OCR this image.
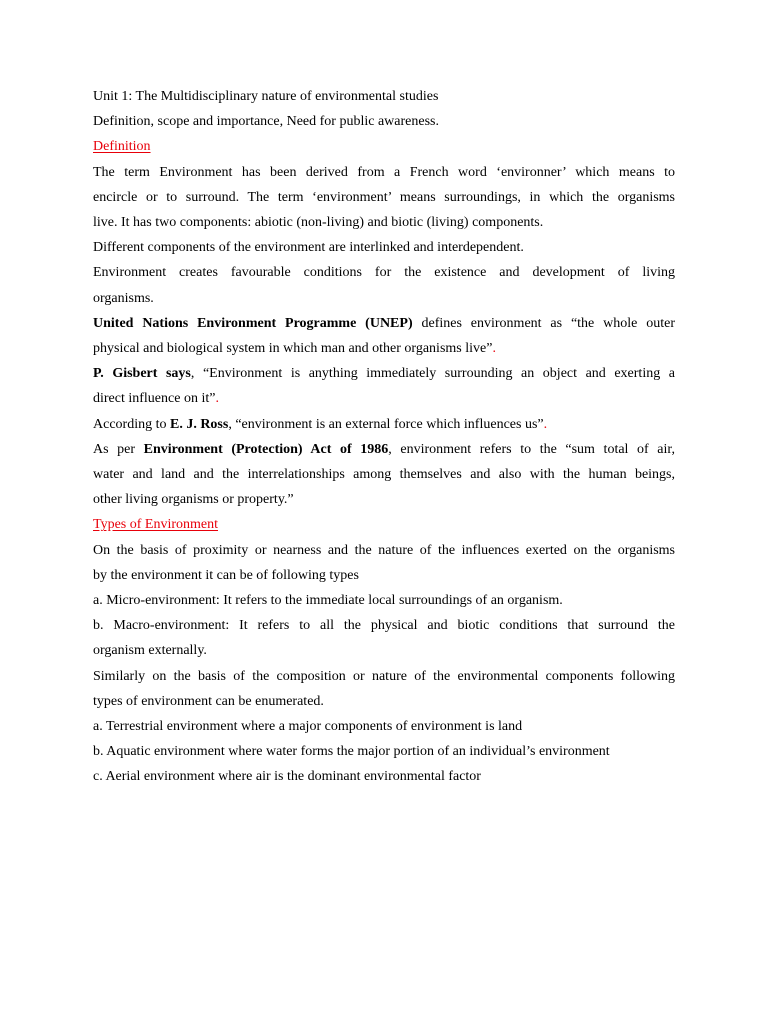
Unit 1: The Multidisciplinary nature of environmental studies
Definition, scope and importance, Need for public awareness.
Definition
The term Environment has been derived from a French word ‘environner’ which means to
encircle or to surround. The term ‘environment’ means surroundings, in which the organisms
live. It has two components: abiotic (non-living) and biotic (living) components.
Different components of the environment are interlinked and interdependent.
Environment creates favourable conditions for the existence and development of living
organisms.
United Nations Environment Programme (UNEP) defines environment as “the whole outer
physical and biological system in which man and other organisms live”.
P. Gisbert says, “Environment is anything immediately surrounding an object and exerting a
direct influence on it”.
According to E. J. Ross, “environment is an external force which influences us”.
As per Environment (Protection) Act of 1986, environment refers to the “sum total of air,
water and land and the interrelationships among themselves and also with the human beings,
other living organisms or property.”
Types of Environment
On the basis of proximity or nearness and the nature of the influences exerted on the organisms
by the environment it can be of following types
a. Micro-environment: It refers to the immediate local surroundings of an organism.
b. Macro-environment: It refers to all the physical and biotic conditions that surround the
organism externally.
Similarly on the basis of the composition or nature of the environmental components following
types of environment can be enumerated.
a. Terrestrial environment where a major components of environment is land
b. Aquatic environment where water forms the major portion of an individual’s environment
c. Aerial environment where air is the dominant environmental factor
